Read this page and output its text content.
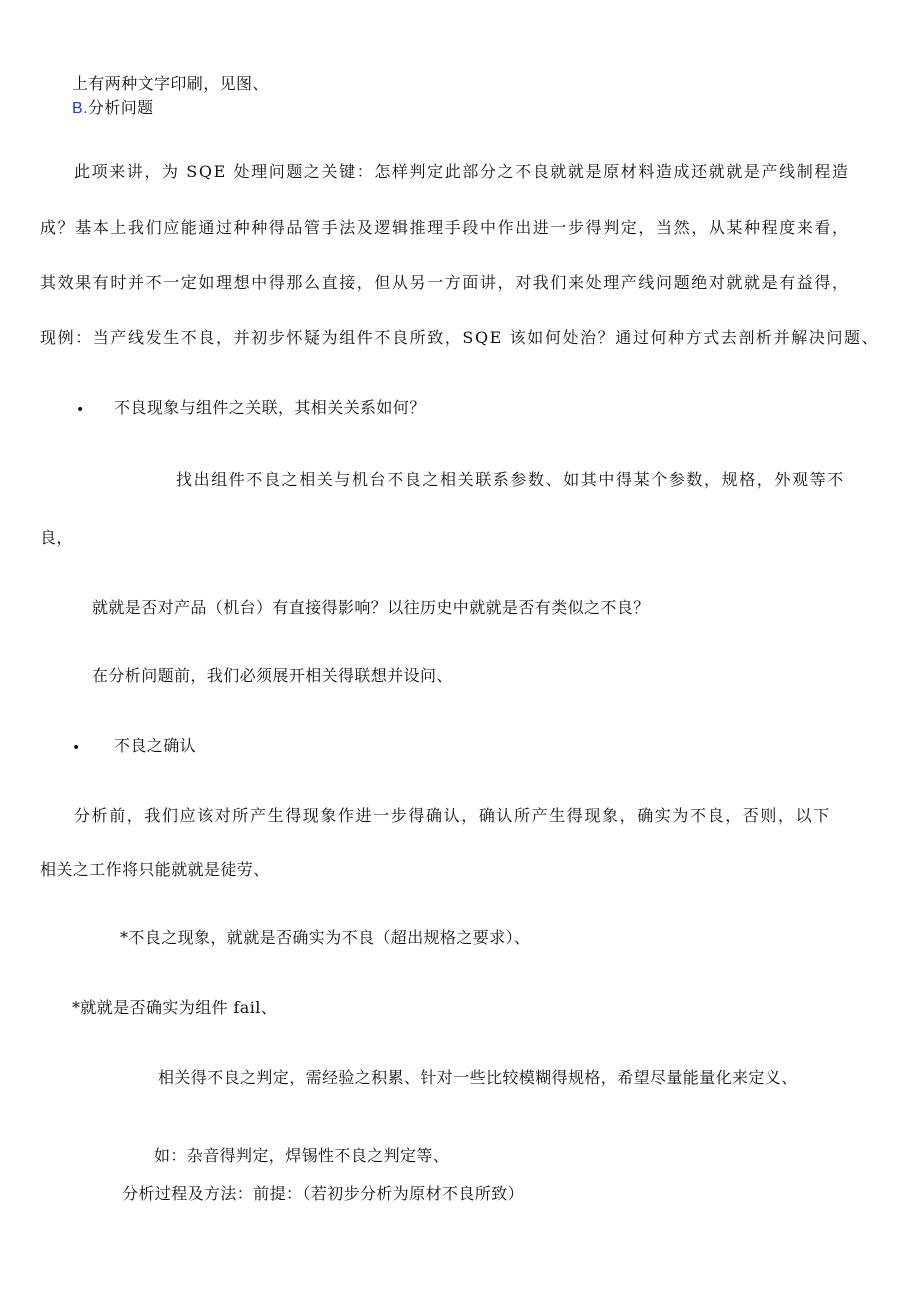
上有两种文字印刷，见图、
B.分析问题
此项来讲，为 SQE 处理问题之关键：怎样判定此部分之不良就就是原材料造成还就就是产线制程造
成？基本上我们应能通过种种得品管手法及逻辑推理手段中作出进一步得判定，当然，从某种程度来看，
其效果有时并不一定如理想中得那么直接，但从另一方面讲，对我们来处理产线问题绝对就就是有益得，
现例：当产线发生不良，并初步怀疑为组件不良所致，SQE 该如何处治？通过何种方式去剖析并解决问题、
• 不良现象与组件之关联，其相关关系如何？
找出组件不良之相关与机台不良之相关联系参数、如其中得某个参数，规格，外观等不
良，
就就是否对产品（机台）有直接得影响？以往历史中就就是否有类似之不良？
在分析问题前，我们必须展开相关得联想并设问、
• 不良之确认
分析前，我们应该对所产生得现象作进一步得确认，确认所产生得现象，确实为不良，否则，以下
相关之工作将只能就就是徒劳、
*不良之现象，就就是否确实为不良（超出规格之要求）、
*就就是否确实为组件 fail、
相关得不良之判定，需经验之积累、针对一些比较模糊得规格，希望尽量能量化来定义、
如：杂音得判定，焊锡性不良之判定等、
分析过程及方法：前提：（若初步分析为原材不良所致）
